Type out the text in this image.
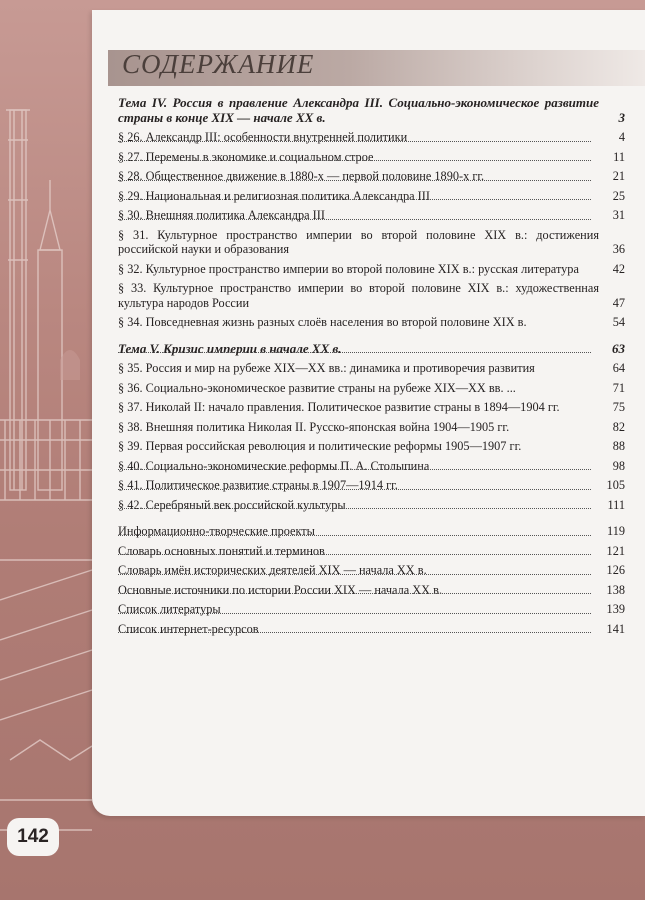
СОДЕРЖАНИЕ
Тема IV. Россия в правление Александра III. Социально-экономическое развитие страны в конце XIX — начале XX в.	3
§ 26. Александр III: особенности внутренней политики	4
§ 27. Перемены в экономике и социальном строе	11
§ 28. Общественное движение в 1880-х — первой половине 1890-х гг.	21
§ 29. Национальная и религиозная политика Александра III	25
§ 30. Внешняя политика Александра III	31
§ 31. Культурное пространство империи во второй половине XIX в.: достижения российской науки и образования	36
§ 32. Культурное пространство империи во второй половине XIX в.: русская литература	42
§ 33. Культурное пространство империи во второй половине XIX в.: художественная культура народов России	47
§ 34. Повседневная жизнь разных слоёв населения во второй половине XIX в.	54
Тема V. Кризис империи в начале XX в.	63
§ 35. Россия и мир на рубеже XIX—XX вв.: динамика и противоречия развития	64
§ 36. Социально-экономическое развитие страны на рубеже XIX—XX вв. ...	71
§ 37. Николай II: начало правления. Политическое развитие страны в 1894—1904 гг.	75
§ 38. Внешняя политика Николая II. Русско-японская война 1904—1905 гг.	82
§ 39. Первая российская революция и политические реформы 1905—1907 гг.	88
§ 40. Социально-экономические реформы П. А. Столыпина	98
§ 41. Политическое развитие страны в 1907—1914 гг.	105
§ 42. Серебряный век российской культуры	111
Информационно-творческие проекты	119
Словарь основных понятий и терминов	121
Словарь имён исторических деятелей XIX — начала XX в.	126
Основные источники по истории России XIX — начала XX в.	138
Список литературы	139
Список интернет-ресурсов	141
142
